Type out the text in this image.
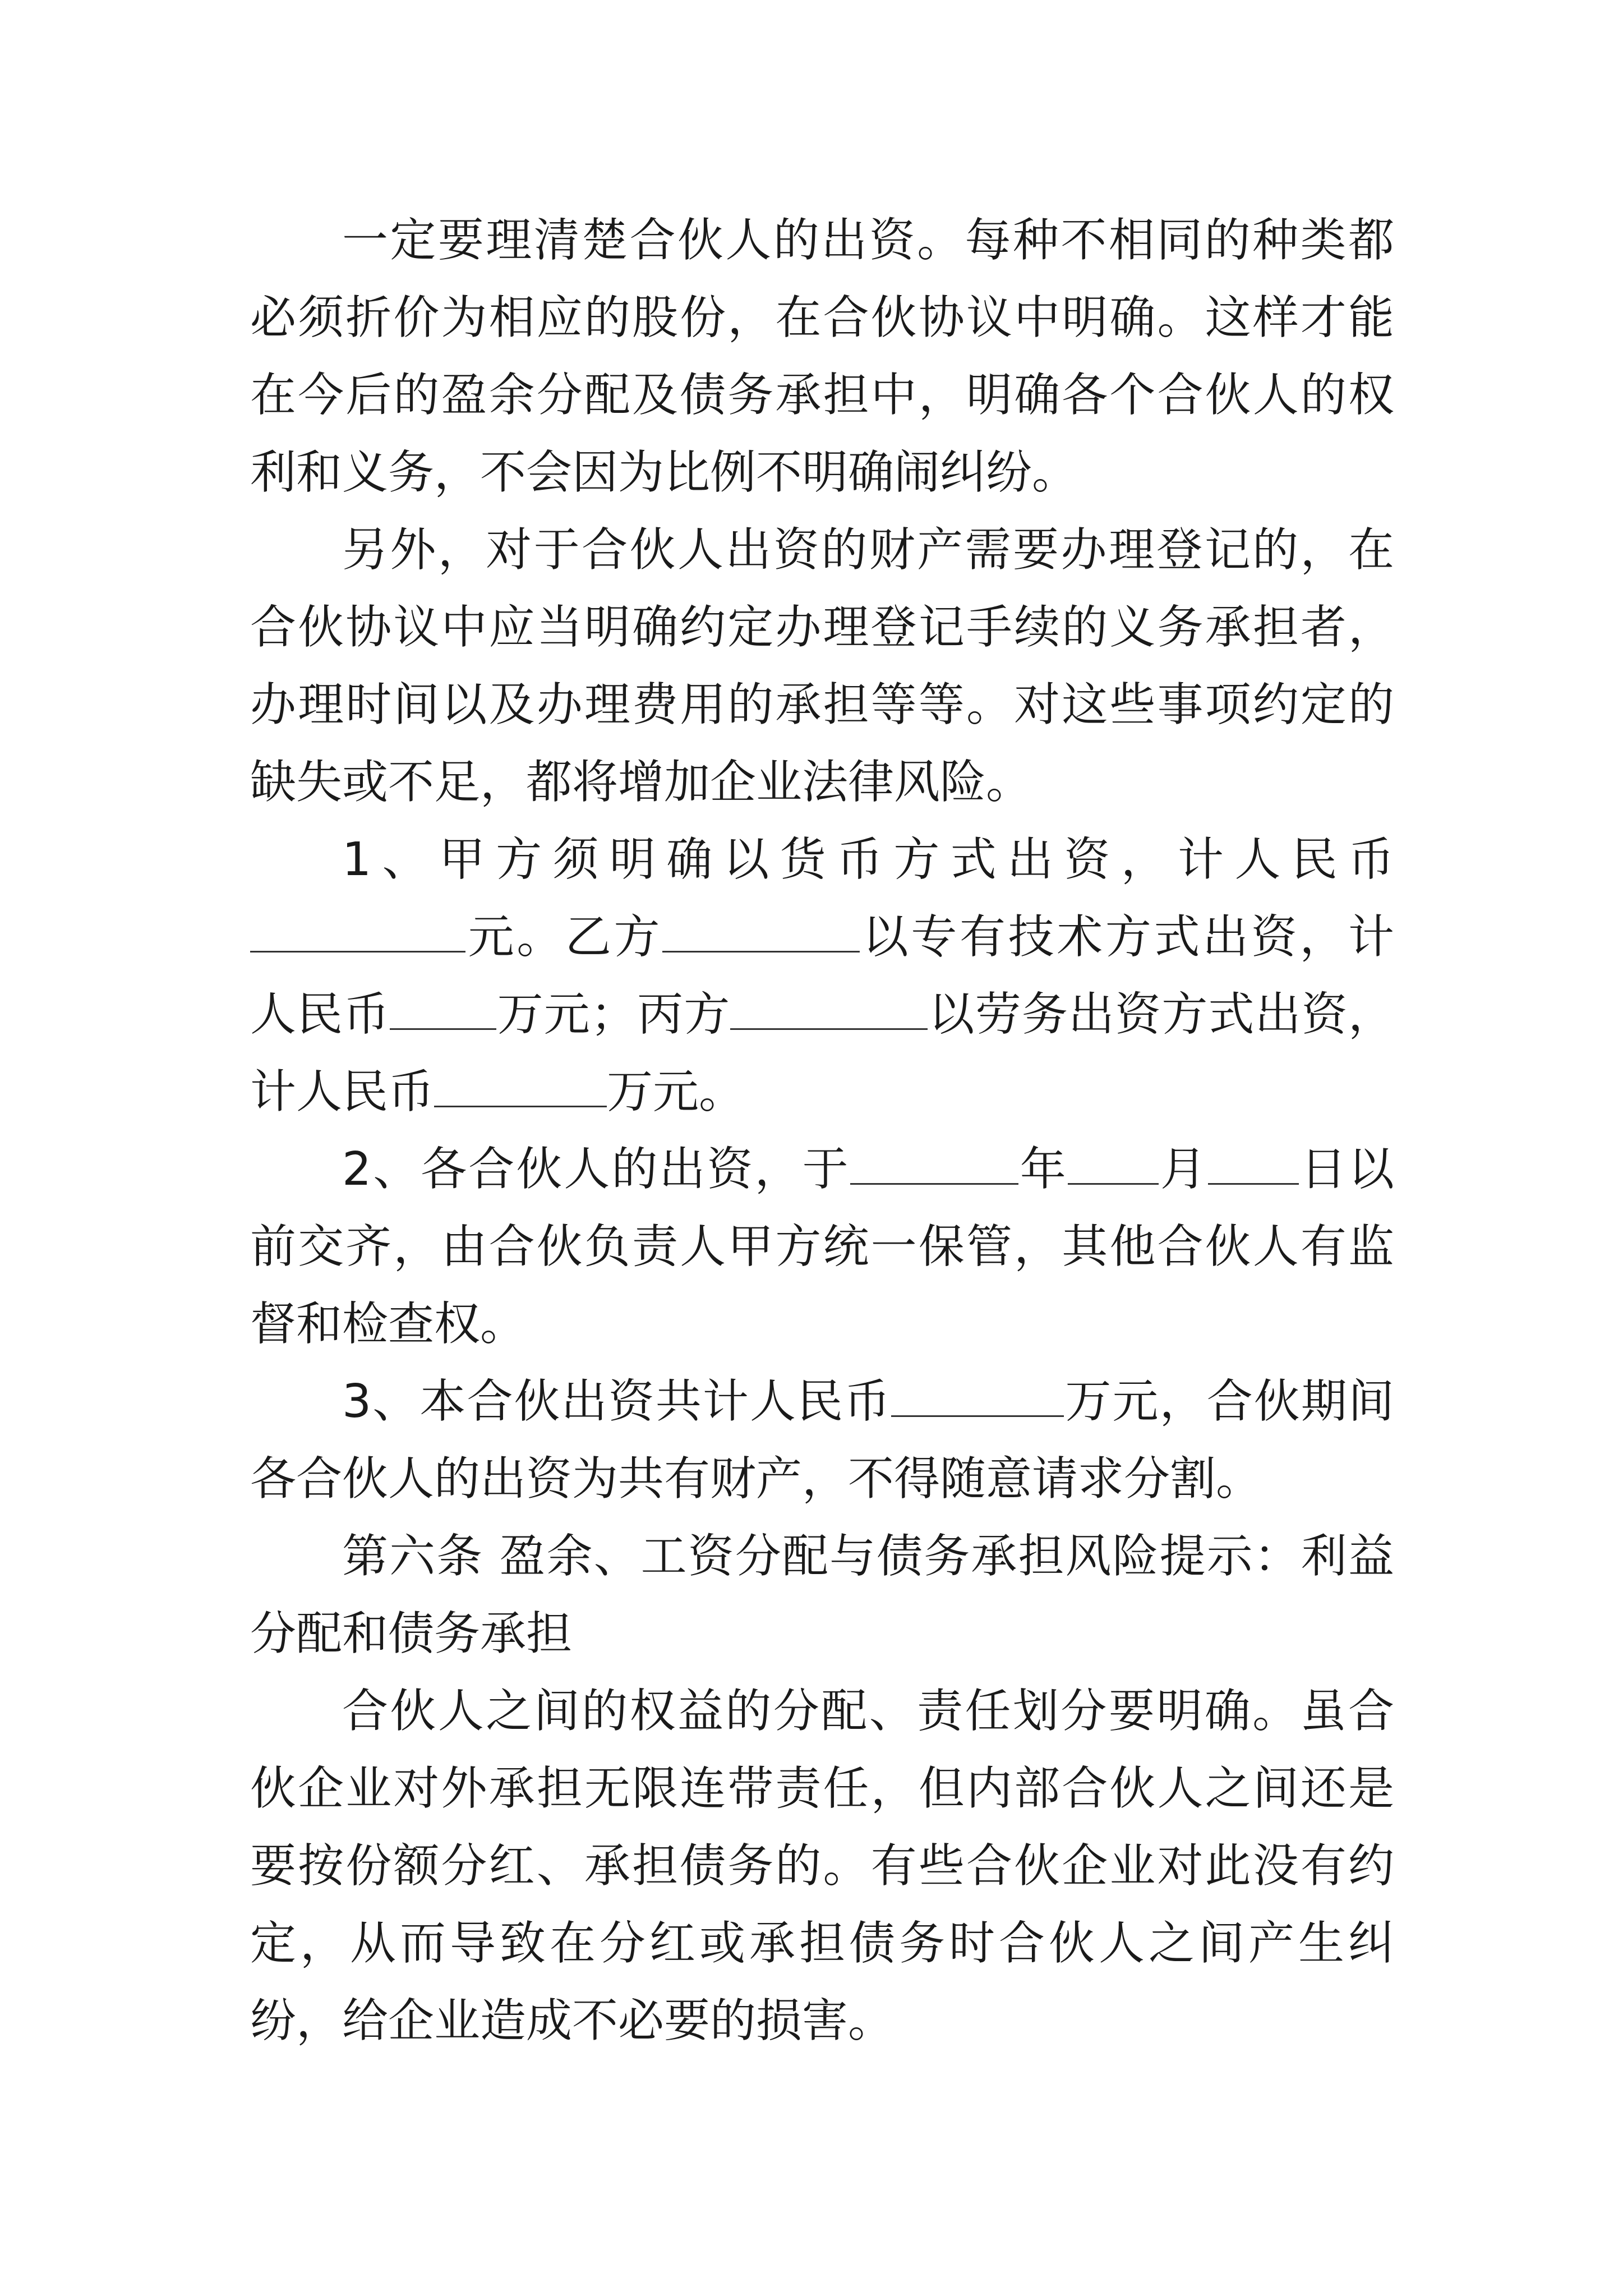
一定要理清楚合伙人的出资。每种不相同的种类都必须折价为相应的股份，在合伙协议中明确。这样才能在今后的盈余分配及债务承担中，明确各个合伙人的权利和义务，不会因为比例不明确闹纠纷。

另外，对于合伙人出资的财产需要办理登记的，在合伙协议中应当明确约定办理登记手续的义务承担者，办理时间以及办理费用的承担等等。对这些事项约定的缺失或不足，都将增加企业法律风险。

1、甲方须明确以货币方式出资，计人民币元。乙方	以专有技术方式出资，计人民币 万元；丙方	以劳务出资方式出资，计人民币	万元。

2、各合伙人的出资，于	年 月 日以前交齐，由合伙负责人甲方统一保管，其他合伙人有监督和检查权。

3、本合伙出资共计人民币	万元，合伙期间各合伙人的出资为共有财产，不得随意请求分割。

第六条 盈余、工资分配与债务承担风险提示：利益分配和债务承担

合伙人之间的权益的分配、责任划分要明确。虽合伙企业对外承担无限连带责任，但内部合伙人之间还是要按份额分红、承担债务的。有些合伙企业对此没有约定，从而导致在分红或承担债务时合伙人之间产生纠纷，给企业造成不必要的损害。
